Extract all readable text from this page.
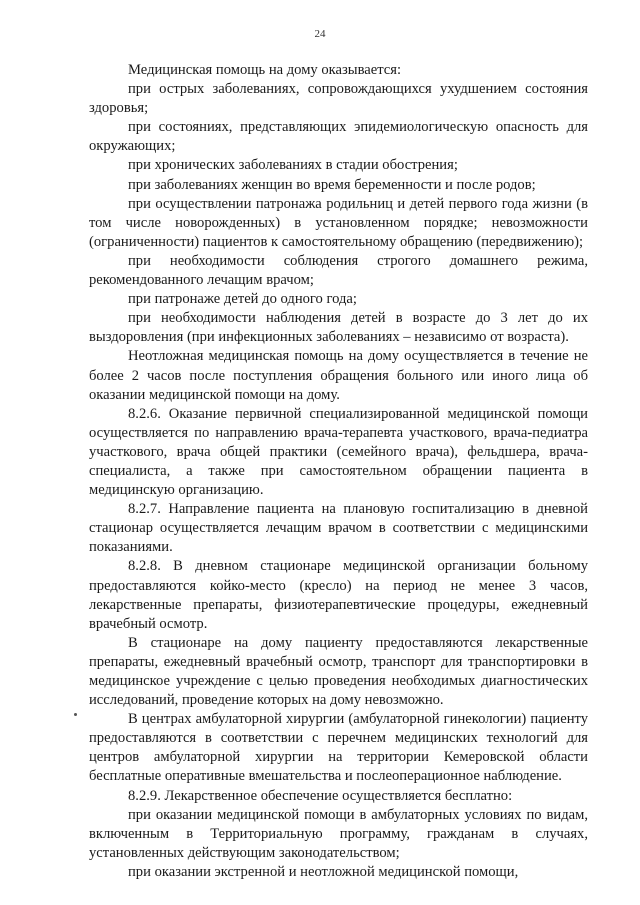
24

Медицинская помощь на дому оказывается:

при острых заболеваниях, сопровождающихся ухудшением состояния здоровья;

при состояниях, представляющих эпидемиологическую опасность для окружающих;

при хронических заболеваниях в стадии обострения;

при заболеваниях женщин во время беременности и после родов;

при осуществлении патронажа родильниц и детей первого года жизни (в том числе новорожденных) в установленном порядке; невозможности (ограниченности) пациентов к самостоятельному обращению (передвижению);

при необходимости соблюдения строгого домашнего режима, рекомендованного лечащим врачом;

при патронаже детей до одного года;

при необходимости наблюдения детей в возрасте до 3 лет до их выздоровления (при инфекционных заболеваниях – независимо от возраста).

Неотложная медицинская помощь на дому осуществляется в течение не более 2 часов после поступления обращения больного или иного лица об оказании медицинской помощи на дому.

8.2.6. Оказание первичной специализированной медицинской помощи осуществляется по направлению врача-терапевта участкового, врача-педиатра участкового, врача общей практики (семейного врача), фельдшера, врача-специалиста, а также при самостоятельном обращении пациента в медицинскую организацию.

8.2.7. Направление пациента на плановую госпитализацию в дневной стационар осуществляется лечащим врачом в соответствии с медицинскими показаниями.

8.2.8. В дневном стационаре медицинской организации больному предоставляются койко-место (кресло) на период не менее 3 часов, лекарственные препараты, физиотерапевтические процедуры, ежедневный врачебный осмотр.

В стационаре на дому пациенту предоставляются лекарственные препараты, ежедневный врачебный осмотр, транспорт для транспортировки в медицинское учреждение с целью проведения необходимых диагностических исследований, проведение которых на дому невозможно.

В центрах амбулаторной хирургии (амбулаторной гинекологии) пациенту предоставляются в соответствии с перечнем медицинских технологий для центров амбулаторной хирургии на территории Кемеровской области бесплатные оперативные вмешательства и послеоперационное наблюдение.

8.2.9. Лекарственное обеспечение осуществляется бесплатно:

при оказании медицинской помощи в амбулаторных условиях по видам, включенным в Территориальную программу, гражданам в случаях, установленных действующим законодательством;

при оказании экстренной и неотложной медицинской помощи,
